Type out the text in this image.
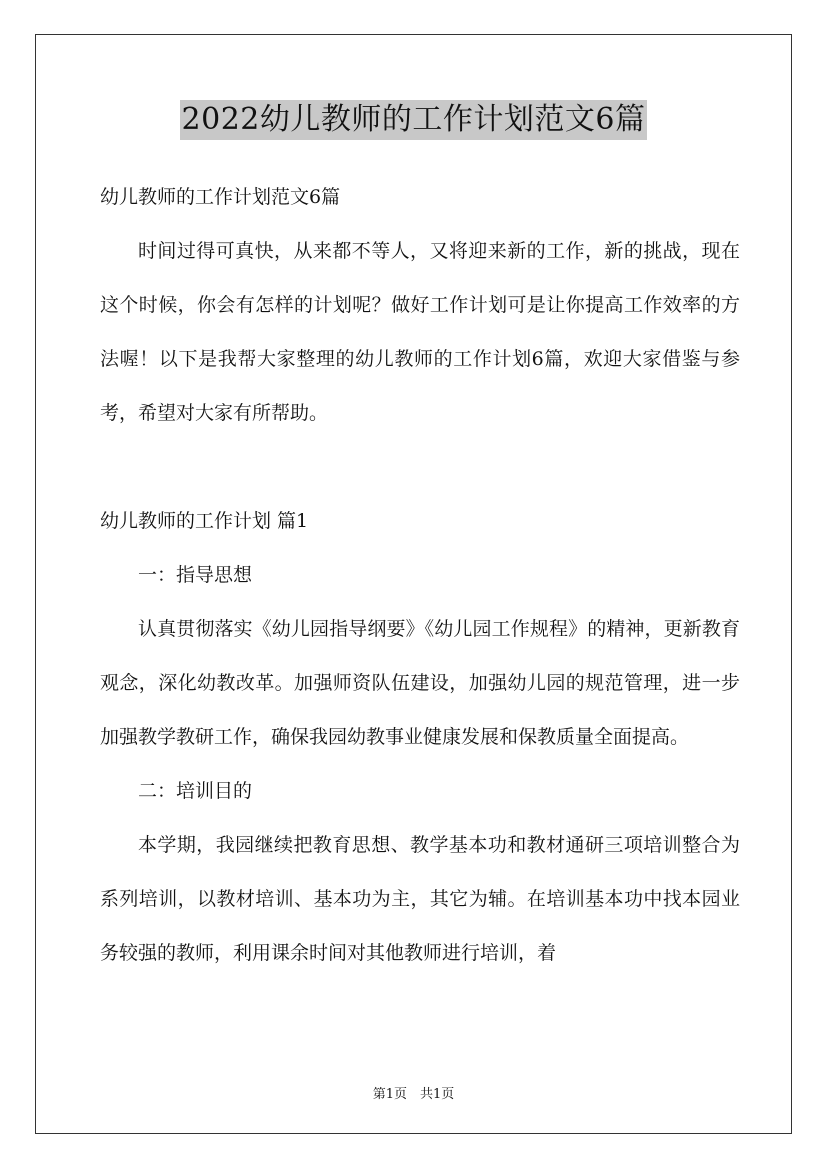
2022幼儿教师的工作计划范文6篇

幼儿教师的工作计划范文6篇

时间过得可真快，从来都不等人，又将迎来新的工作，新的挑战，现在这个时候，你会有怎样的计划呢？做好工作计划可是让你提高工作效率的方法喔！以下是我帮大家整理的幼儿教师的工作计划6篇，欢迎大家借鉴与参考，希望对大家有所帮助。

幼儿教师的工作计划 篇1

一：指导思想

认真贯彻落实《幼儿园指导纲要》《幼儿园工作规程》的精神，更新教育观念，深化幼教改革。加强师资队伍建设，加强幼儿园的规范管理，进一步加强教学教研工作，确保我园幼教事业健康发展和保教质量全面提高。

二：培训目的

本学期，我园继续把教育思想、教学基本功和教材通研三项培训整合为系列培训，以教材培训、基本功为主，其它为辅。在培训基本功中找本园业务较强的教师，利用课余时间对其他教师进行培训，着

第1页　共1页
